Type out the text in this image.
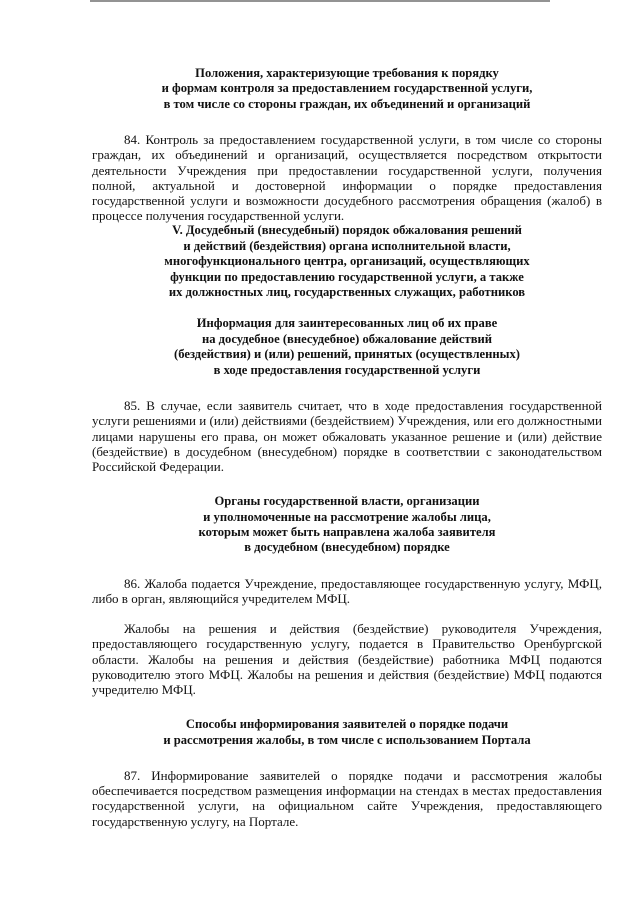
Положения, характеризующие требования к порядку
и формам контроля за предоставлением государственной услуги,
в том числе со стороны граждан, их объединений и организаций

84. Контроль за предоставлением государственной услуги, в том числе со стороны граждан, их объединений и организаций, осуществляется посредством открытости деятельности Учреждения при предоставлении государственной услуги, получения полной, актуальной и достоверной информации о порядке предоставления государственной услуги и возможности досудебного рассмотрения обращения (жалоб) в процессе получения государственной услуги.

V. Досудебный (внесудебный) порядок обжалования решений
и действий (бездействия) органа исполнительной власти,
многофункционального центра, организаций, осуществляющих
функции по предоставлению государственной услуги, а также
их должностных лиц, государственных служащих, работников
Информация для заинтересованных лиц об их праве
на досудебное (внесудебное) обжалование действий
(бездействия) и (или) решений, принятых (осуществленных)
в ходе предоставления государственной услуги

85. В случае, если заявитель считает, что в ходе предоставления государственной услуги решениями и (или) действиями (бездействием) Учреждения, или его должностными лицами нарушены его права, он может обжаловать указанное решение и (или) действие (бездействие) в досудебном (внесудебном) порядке в соответствии с законодательством Российской Федерации.

Органы государственной власти, организации
и уполномоченные на рассмотрение жалобы лица,
которым может быть направлена жалоба заявителя
в досудебном (внесудебном) порядке

86. Жалоба подается Учреждение, предоставляющее государственную услугу, МФЦ, либо в орган, являющийся учредителем МФЦ.

Жалобы на решения и действия (бездействие) руководителя Учреждения, предоставляющего государственную услугу, подается в Правительство Оренбургской области. Жалобы на решения и действия (бездействие) работника МФЦ подаются руководителю этого МФЦ. Жалобы на решения и действия (бездействие) МФЦ подаются учредителю МФЦ.

Способы информирования заявителей о порядке подачи
и рассмотрения жалобы, в том числе с использованием Портала

87. Информирование заявителей о порядке подачи и рассмотрения жалобы обеспечивается посредством размещения информации на стендах в местах предоставления государственной услуги, на официальном сайте Учреждения, предоставляющего государственную услугу, на Портале.
